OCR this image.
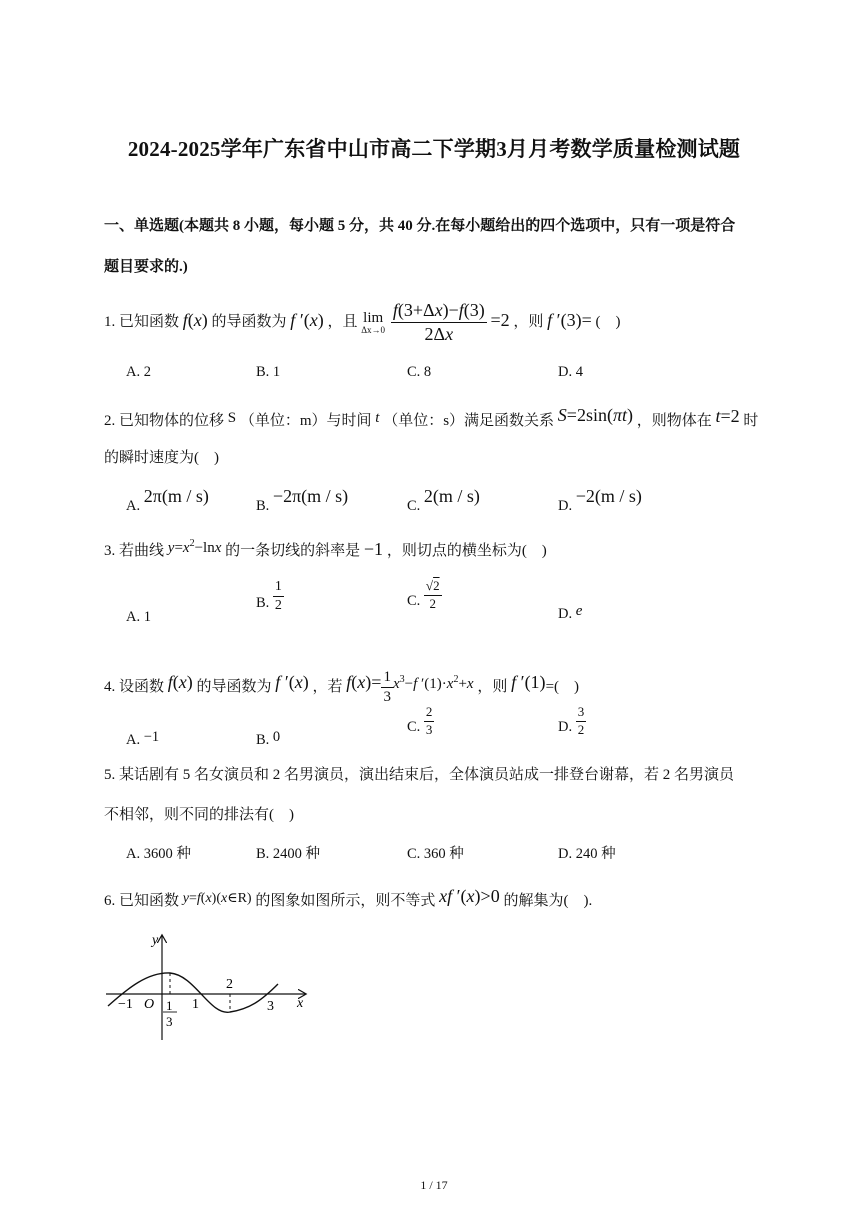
2024-2025学年广东省中山市高二下学期3月月考数学质量检测试题
一、单选题(本题共 8 小题，每小题 5 分，共 40 分.在每小题给出的四个选项中，只有一项是符合
题目要求的.)
1. 已知函数 f(x) 的导函数为 f ′(x) ，且 lim
Δx→0
$\frac{f(3+\Delta x)-f(3)}{2\Delta x} =2$ ，则 f ′(3)= (　)
A. 2	B. 1	C. 8	D. 4
2. 已知物体的位移 S （单位：m）与时间 t （单位：s）满足函数关系 S=2sin(πt) ，则物体在 t=2 时
的瞬时速度为(　)
A. 2π(m / s)	B. −2π(m / s)	C. 2(m / s)	D. −2(m / s)
3. 若曲线 $y=x^2-\ln x$ 的一条切线的斜率是 −1 ，则切点的横坐标为(　)
A. 1
B. $\frac{1}{2}$	C. $\frac{√2}{2}$
D. e
4. 设函数 f(x) 的导函数为 f ′(x) ，若 $f(x)= \frac{1}{3} x^3-f$ $'(1)\cdot x^2+x$ ，则 f ′(1)=(　)
A. −1	B. 0
C. $\frac{2}{3}$	D. $\frac{3}{2}$
5. 某话剧有 5 名女演员和 2 名男演员，演出结束后，全体演员站成一排登台谢幕，若 2 名男演员
不相邻，则不同的排法有(　)
A. 3600 种	B. 2400 种	C. 360 种	D. 240 种
6. 已知函数 y=f(x)(x∈R) 的图象如图所示，则不等式 xf ′(x)>0 的解集为(　).
y
x
O
−1	1
3
1
2
3
1 / 17
